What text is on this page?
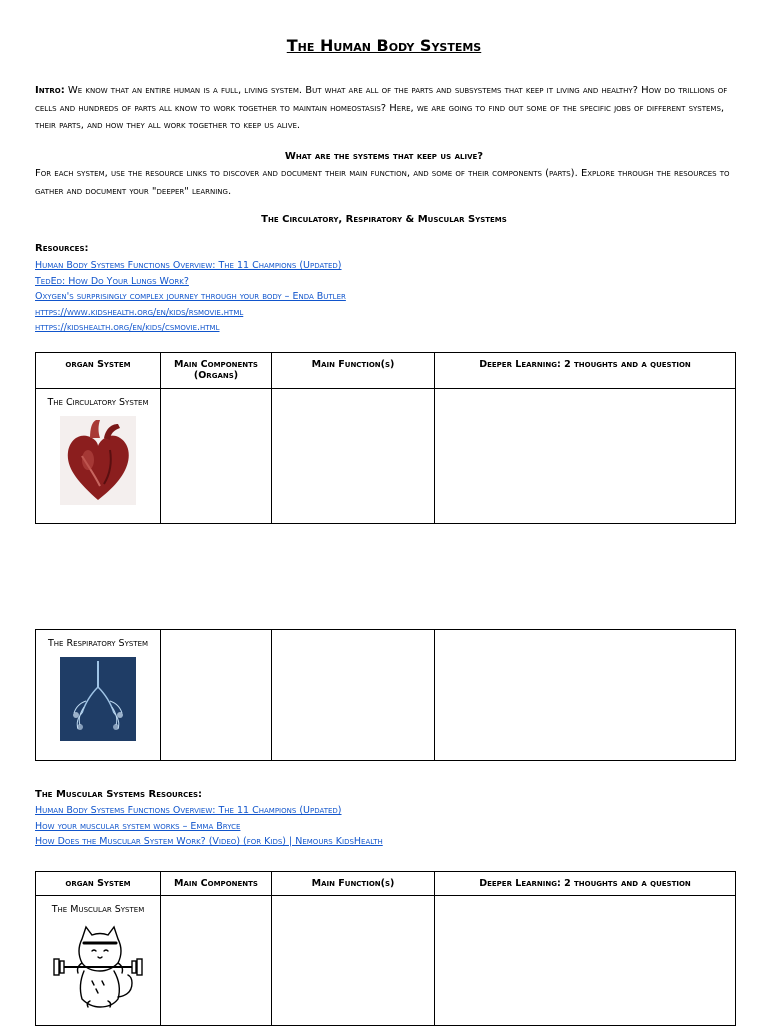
The Human Body Systems
Intro: We know that an entire human is a full, living system. But what are all of the parts and subsystems that keep it living and healthy? How do trillions of cells and hundreds of parts all know to work together to maintain homeostasis? Here, we are going to find out some of the specific jobs of different systems, their parts, and how they all work together to keep us alive.
What are the systems that keep us alive?
For each system, use the resource links to discover and document their main function, and some of their components (parts). Explore through the resources to gather and document your "deeper" learning.
The Circulatory, Respiratory & Muscular Systems
Resources:
Human Body Systems Functions Overview: The 11 Champions (Updated)
TedEd: How Do Your Lungs Work?
Oxygen's surprisingly complex journey through your body – Enda Butler
https://www.kidshealth.org/en/kids/rsmovie.html
https://kidshealth.org/en/kids/csmovie.html
organ System	Main Components (Organs)	Main Function(s)	Deeper Learning: 2 thoughts and a question

The Circulatory System			

The Respiratory System

The Muscular Systems Resources:
Human Body Systems Functions Overview: The 11 Champions (Updated)
How your muscular system works – Emma Bryce
How Does the Muscular System Work? (Video) (for Kids) | Nemours KidsHealth
organ System	Main Components	Main Function(s)	Deeper Learning: 2 thoughts and a question

The Muscular System			
